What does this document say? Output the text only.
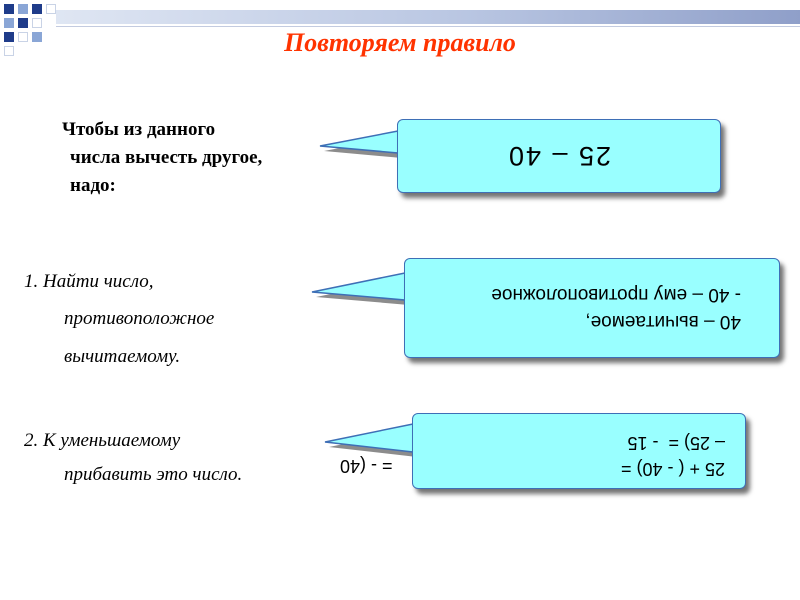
Повторяем правило
Чтобы из данного
числа вычесть другое,
надо:
1. Найти число,
противоположное
вычитаемому.
2. К уменьшаемому
прибавить это число.
25 – 40
40 – вычитаемое,
- 40 – ему противоположное
25 + ( - 40) =
– 25) =  - 15
= - (40
